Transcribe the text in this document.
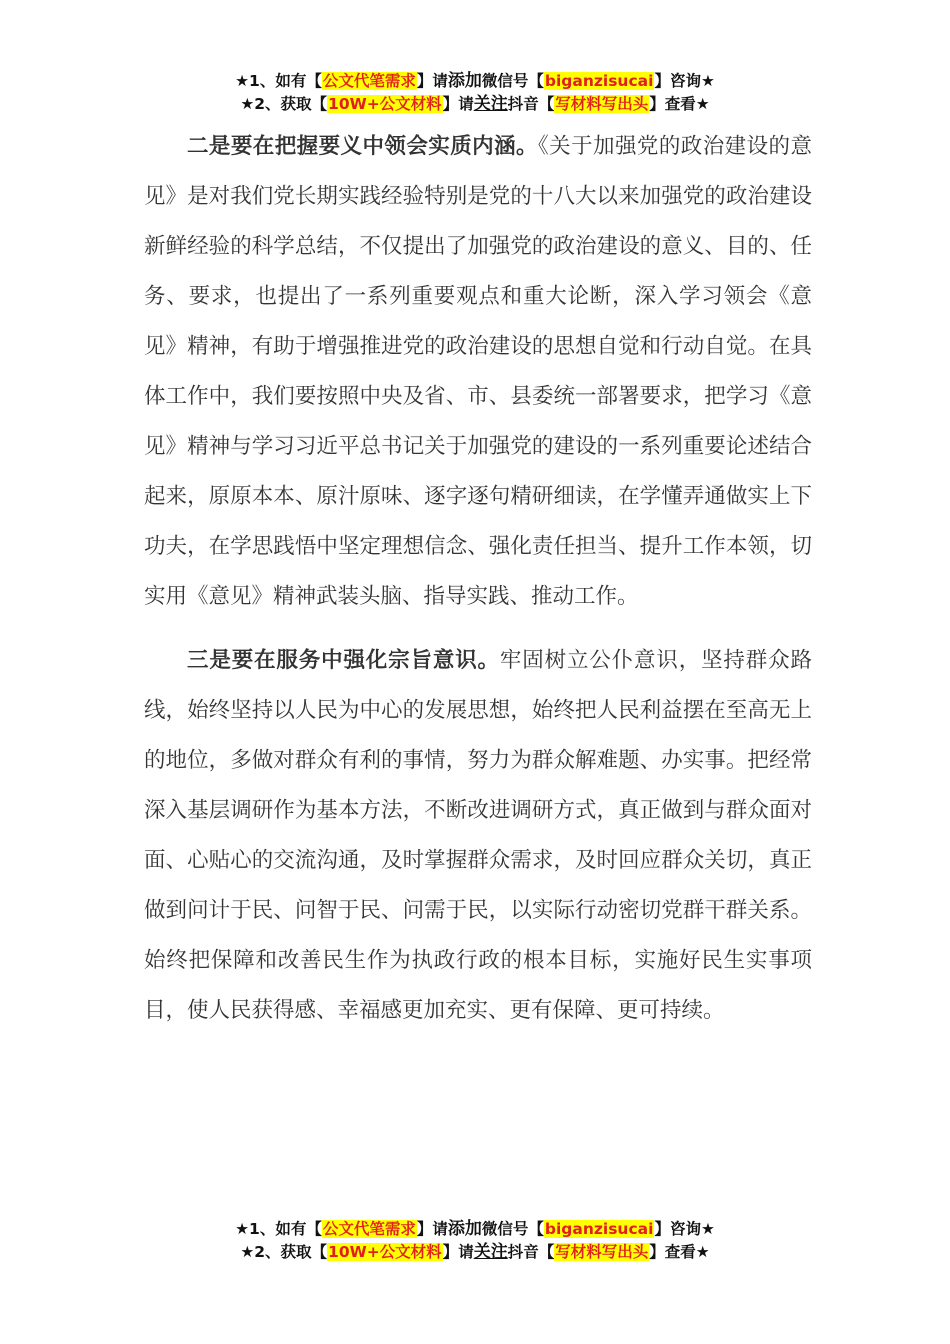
★1、如有【公文代笔需求】请添加微信号【biganzisucai】咨询★
★2、获取【10W+公文材料】请关注抖音【写材料写出头】查看★

二是要在把握要义中领会实质内涵。《关于加强党的政治建设的意见》是对我们党长期实践经验特别是党的十八大以来加强党的政治建设新鲜经验的科学总结，不仅提出了加强党的政治建设的意义、目的、任务、要求，也提出了一系列重要观点和重大论断，深入学习领会《意见》精神，有助于增强推进党的政治建设的思想自觉和行动自觉。在具体工作中，我们要按照中央及省、市、县委统一部署要求，把学习《意见》精神与学习习近平总书记关于加强党的建设的一系列重要论述结合起来，原原本本、原汁原味、逐字逐句精研细读，在学懂弄通做实上下功夫，在学思践悟中坚定理想信念、强化责任担当、提升工作本领，切实用《意见》精神武装头脑、指导实践、推动工作。

三是要在服务中强化宗旨意识。牢固树立公仆意识，坚持群众路线，始终坚持以人民为中心的发展思想，始终把人民利益摆在至高无上的地位，多做对群众有利的事情，努力为群众解难题、办实事。把经常深入基层调研作为基本方法，不断改进调研方式，真正做到与群众面对面、心贴心的交流沟通，及时掌握群众需求，及时回应群众关切，真正做到问计于民、问智于民、问需于民，以实际行动密切党群干群关系。始终把保障和改善民生作为执政行政的根本目标，实施好民生实事项目，使人民获得感、幸福感更加充实、更有保障、更可持续。

★1、如有【公文代笔需求】请添加微信号【biganzisucai】咨询★
★2、获取【10W+公文材料】请关注抖音【写材料写出头】查看★
